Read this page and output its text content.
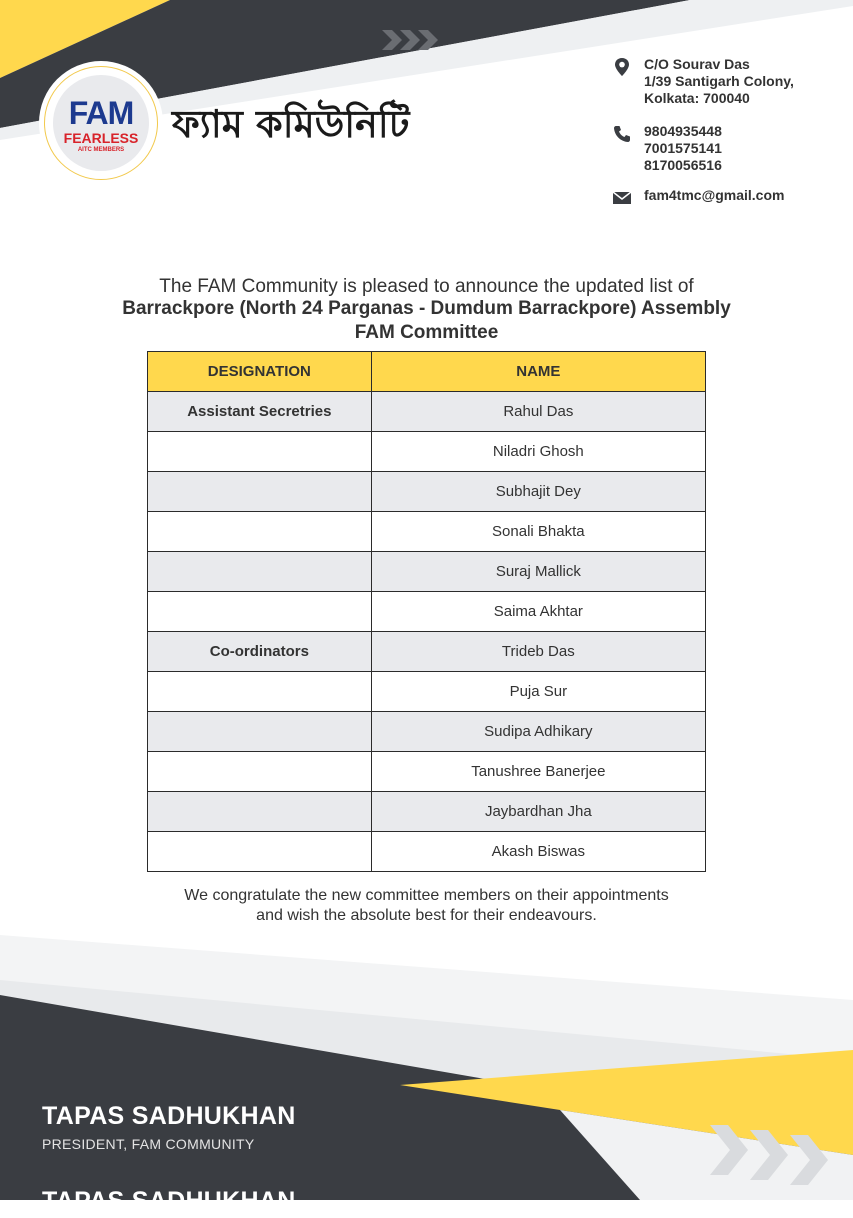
FAM
FEARLESS
AITC MEMBERS
ফ্যাম কমিউনিটি
C/O Sourav Das
1/39 Santigarh Colony,
Kolkata: 700040
9804935448
7001575141
8170056516
fam4tmc@gmail.com
The FAM Community is pleased to announce the updated list of
Barrackpore (North 24 Parganas - Dumdum Barrackpore) Assembly
FAM Committee
DESIGNATION	NAME
Assistant Secretries	Rahul Das
	Niladri Ghosh
	Subhajit Dey
	Sonali Bhakta
	Suraj Mallick
	Saima Akhtar
Co-ordinators	Trideb Das
	Puja Sur
	Sudipa Adhikary
	Tanushree Banerjee
	Jaybardhan Jha
	Akash Biswas
We congratulate the new committee members on their appointments
and wish the absolute best for their endeavours.
TAPAS SADHUKHAN
PRESIDENT, FAM COMMUNITY
TAPAS SADHUKHAN
